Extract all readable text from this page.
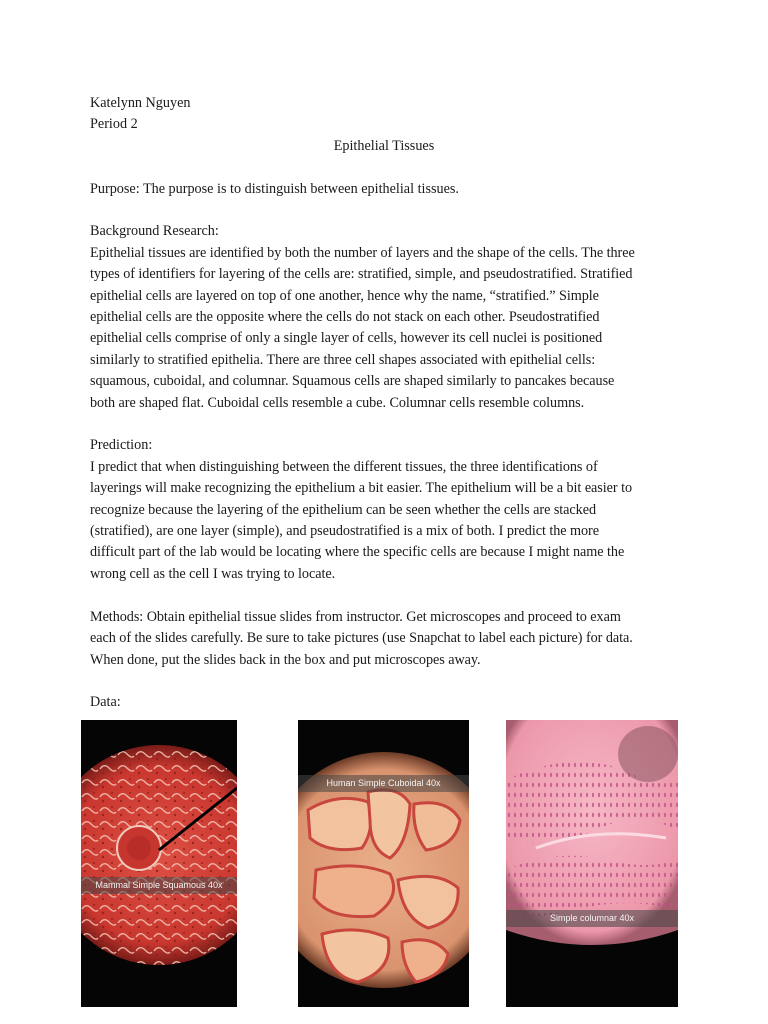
Katelynn Nguyen
Period 2
Epithelial Tissues
Purpose: The purpose is to distinguish between epithelial tissues.
Background Research:
Epithelial tissues are identified by both the number of layers and the shape of the cells. The three
types of identifiers for layering of the cells are: stratified, simple, and pseudostratified. Stratified
epithelial cells are layered on top of one another, hence why the name, “stratified.” Simple
epithelial cells are the opposite where the cells do not stack on each other. Pseudostratified
epithelial cells comprise of only a single layer of cells, however its cell nuclei is positioned
similarly to stratified epithelia. There are three cell shapes associated with epithelial cells:
squamous, cuboidal, and columnar. Squamous cells are shaped similarly to pancakes because
both are shaped flat. Cuboidal cells resemble a cube. Columnar cells resemble columns.
Prediction:
I predict that when distinguishing between the different tissues, the three identifications of
layerings will make recognizing the epithelium a bit easier. The epithelium will be a bit easier to
recognize because the layering of the epithelium can be seen whether the cells are stacked
(stratified), are one layer (simple), and pseudostratified is a mix of both. I predict the more
difficult part of the lab would be locating where the specific cells are because I might name the
wrong cell as the cell I was trying to locate.
Methods: Obtain epithelial tissue slides from instructor. Get microscopes and proceed to exam
each of the slides carefully. Be sure to take pictures (use Snapchat to label each picture) for data.
When done, put the slides back in the box and put microscopes away.
Data:
Mammal Simple Squamous 40x
Human Simple Cuboidal 40x
Simple columnar 40x
